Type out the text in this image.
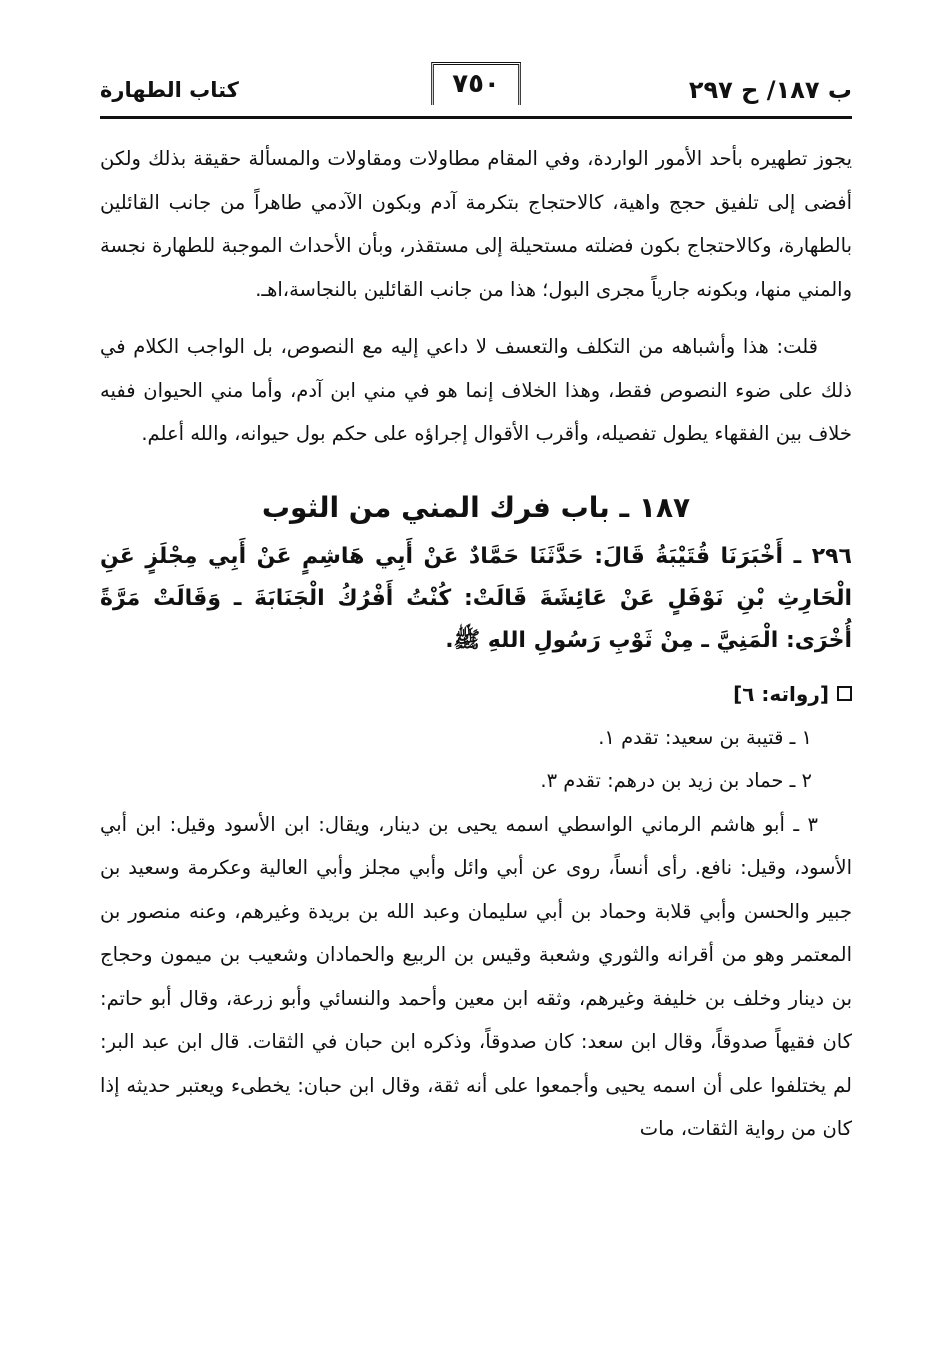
ب ١٨٧/ ح ٢٩٧
٧٥٠
كتاب الطهارة

يجوز تطهيره بأحد الأمور الواردة، وفي المقام مطاولات ومقاولات والمسألة حقيقة بذلك ولكن أفضى إلى تلفيق حجج واهية، كالاحتجاج بتكرمة آدم وبكون الآدمي طاهراً من جانب القائلين بالطهارة، وكالاحتجاج بكون فضلته مستحيلة إلى مستقذر، وبأن الأحداث الموجبة للطهارة نجسة والمني منها، وبكونه جارياً مجرى البول؛ هذا من جانب القائلين بالنجاسة،اهـ.

قلت: هذا وأشباهه من التكلف والتعسف لا داعي إليه مع النصوص، بل الواجب الكلام في ذلك على ضوء النصوص فقط، وهذا الخلاف إنما هو في مني ابن آدم، وأما مني الحيوان ففيه خلاف بين الفقهاء يطول تفصيله، وأقرب الأقوال إجراؤه على حكم بول حيوانه، والله أعلم.

١٨٧ ـ باب فرك المني من الثوب

٢٩٦ ـ أَخْبَرَنَا قُتَيْبَةُ قَالَ: حَدَّثَنَا حَمَّادٌ عَنْ أَبِي هَاشِمٍ عَنْ أَبِي مِجْلَزٍ عَنِ الْحَارِثِ بْنِ نَوْفَلٍ عَنْ عَائِشَةَ قَالَتْ: كُنْتُ أَفْرُكُ الْجَنَابَةَ ـ وَقَالَتْ مَرَّةً أُخْرَى: الْمَنِيَّ ـ مِنْ ثَوْبِ رَسُولِ اللهِ ﷺ.

[رواته: ٦]

١ ـ قتيبة بن سعيد: تقدم ١.

٢ ـ حماد بن زيد بن درهم: تقدم ٣.

٣ ـ أبو هاشم الرماني الواسطي اسمه يحيى بن دينار، ويقال: ابن الأسود وقيل: ابن أبي الأسود، وقيل: نافع. رأى أنساً، روى عن أبي وائل وأبي مجلز وأبي العالية وعكرمة وسعيد بن جبير والحسن وأبي قلابة وحماد بن أبي سليمان وعبد الله بن بريدة وغيرهم، وعنه منصور بن المعتمر وهو من أقرانه والثوري وشعبة وقيس بن الربيع والحمادان وشعيب بن ميمون وحجاج بن دينار وخلف بن خليفة وغيرهم، وثقه ابن معين وأحمد والنسائي وأبو زرعة، وقال أبو حاتم: كان فقيهاً صدوقاً، وقال ابن سعد: كان صدوقاً، وذكره ابن حبان في الثقات. قال ابن عبد البر: لم يختلفوا على أن اسمه يحيى وأجمعوا على أنه ثقة، وقال ابن حبان: يخطىء ويعتبر حديثه إذا كان من رواية الثقات، مات
